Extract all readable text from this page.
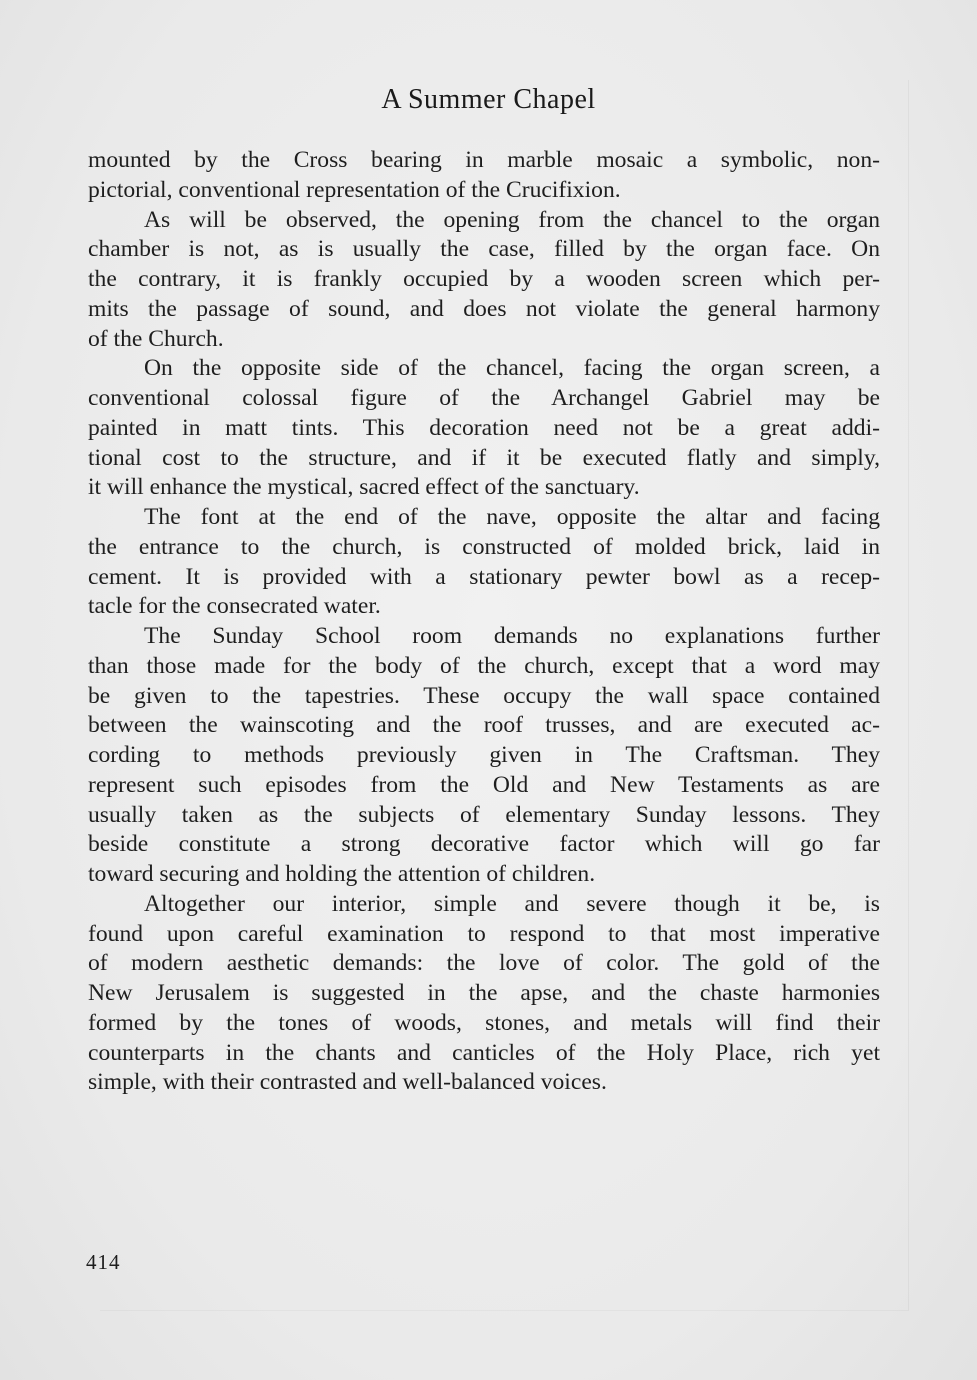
A Summer Chapel
mounted by the Cross bearing in marble mosaic a symbolic, non-
pictorial, conventional representation of the Crucifixion.
As will be observed, the opening from the chancel to the organ
chamber is not, as is usually the case, filled by the organ face. On
the contrary, it is frankly occupied by a wooden screen which per-
mits the passage of sound, and does not violate the general harmony
of the Church.
On the opposite side of the chancel, facing the organ screen, a
conventional colossal figure of the Archangel Gabriel may be
painted in matt tints. This decoration need not be a great addi-
tional cost to the structure, and if it be executed flatly and simply,
it will enhance the mystical, sacred effect of the sanctuary.
The font at the end of the nave, opposite the altar and facing
the entrance to the church, is constructed of molded brick, laid in
cement. It is provided with a stationary pewter bowl as a recep-
tacle for the consecrated water.
The Sunday School room demands no explanations further
than those made for the body of the church, except that a word may
be given to the tapestries. These occupy the wall space contained
between the wainscoting and the roof trusses, and are executed ac-
cording to methods previously given in The Craftsman. They
represent such episodes from the Old and New Testaments as are
usually taken as the subjects of elementary Sunday lessons. They
beside constitute a strong decorative factor which will go far
toward securing and holding the attention of children.
Altogether our interior, simple and severe though it be, is
found upon careful examination to respond to that most imperative
of modern aesthetic demands: the love of color. The gold of the
New Jerusalem is suggested in the apse, and the chaste harmonies
formed by the tones of woods, stones, and metals will find their
counterparts in the chants and canticles of the Holy Place, rich yet
simple, with their contrasted and well-balanced voices.
414
